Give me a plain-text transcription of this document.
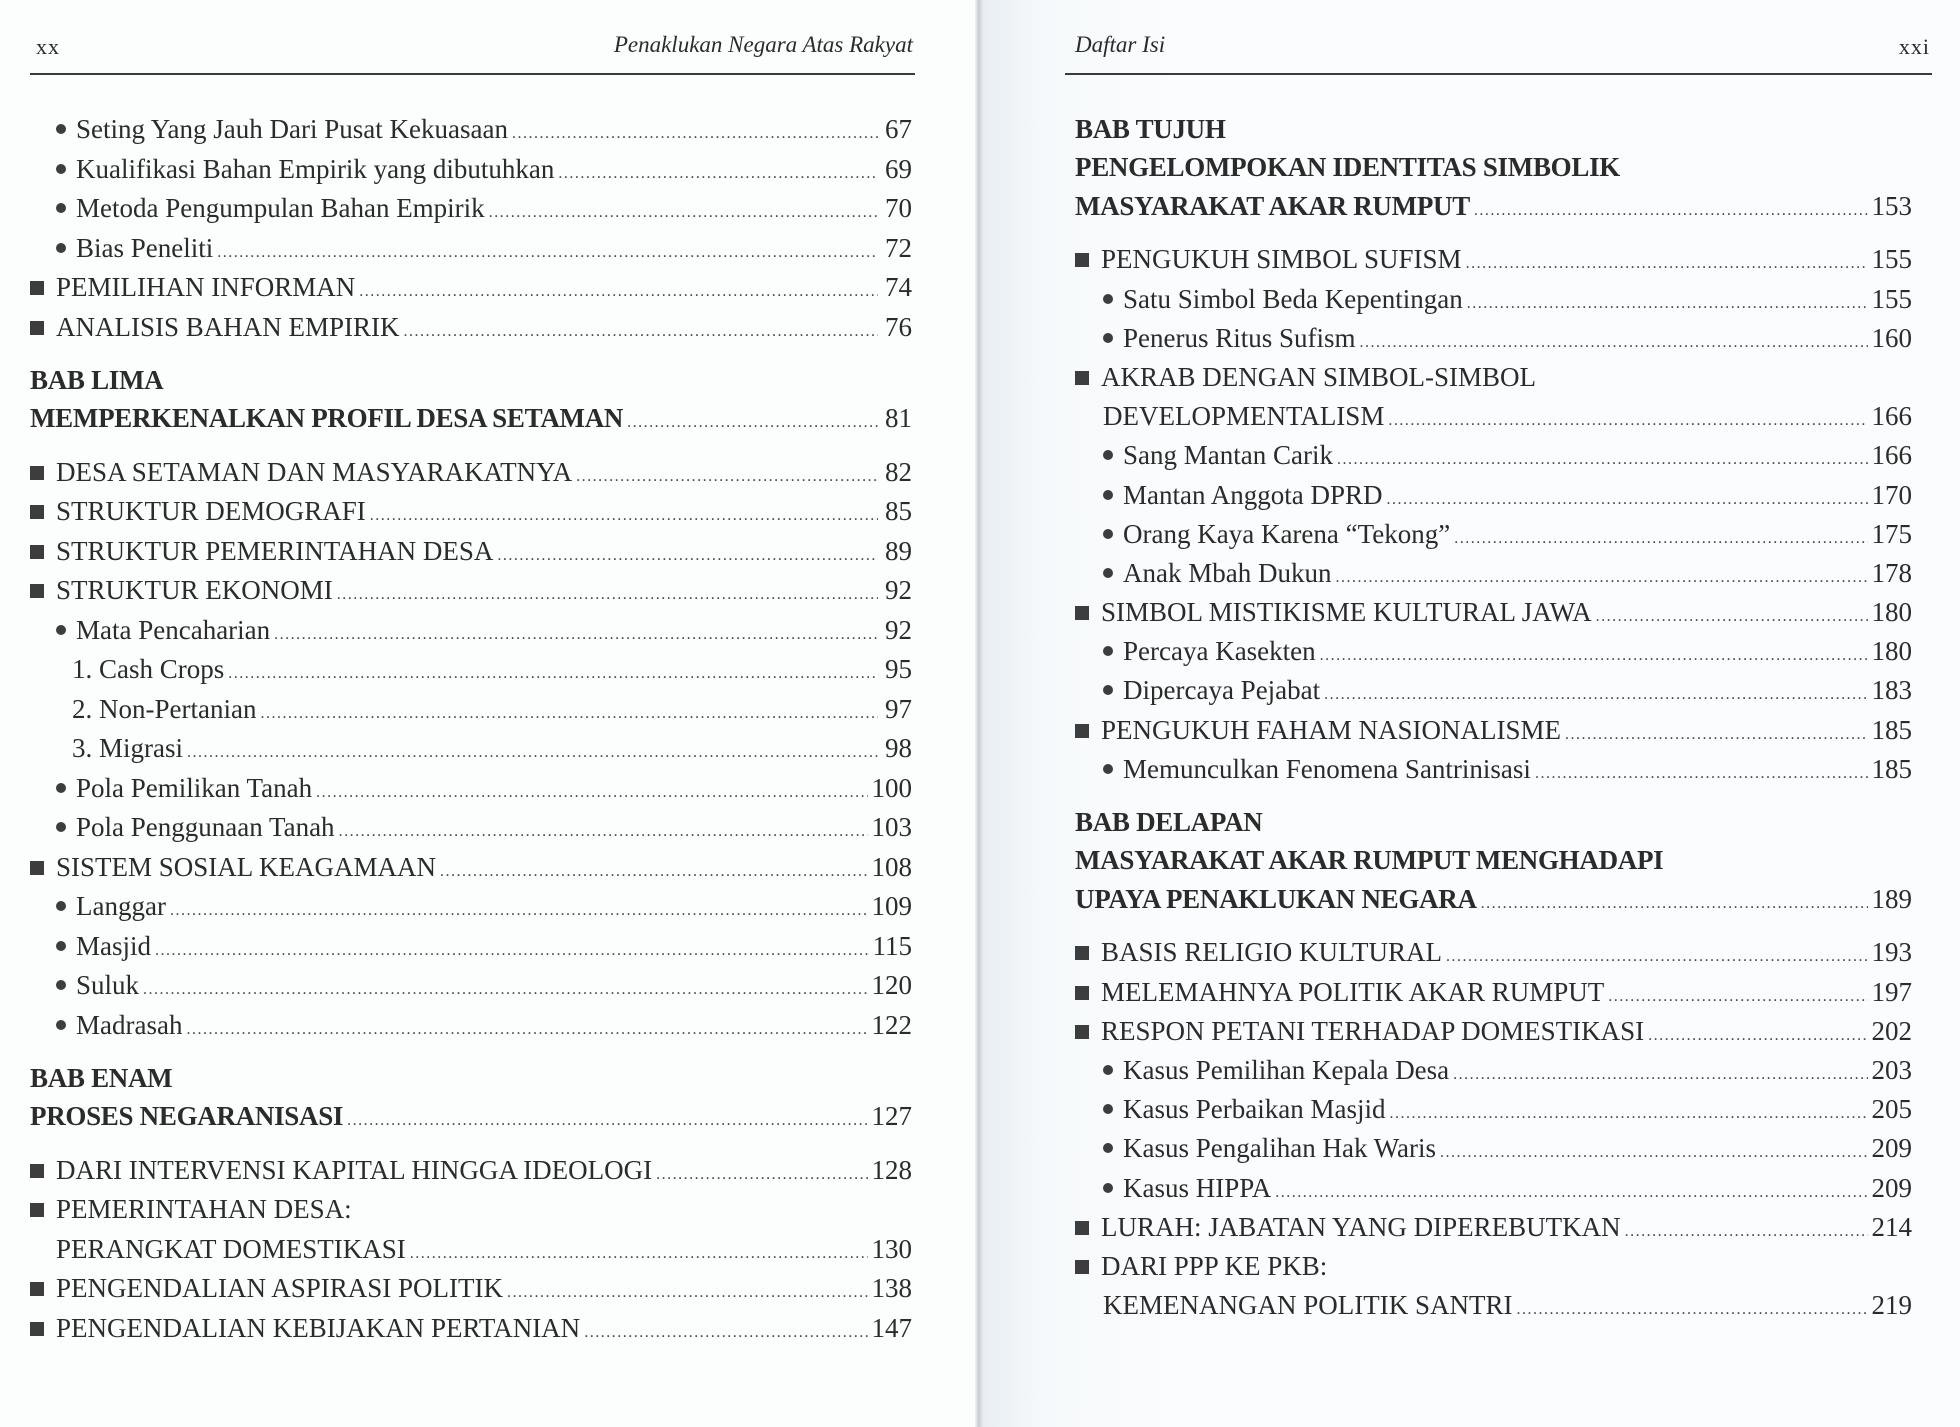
xx	Penaklukan Negara Atas Rakyat
Seting Yang Jauh Dari Pusat Kekuasaan .....	67
Kualifikasi Bahan Empirik yang dibutuhkan .....	69
Metoda Pengumpulan Bahan Empirik .....	70
Bias Peneliti .....	72
PEMILIHAN INFORMAN .....	74
ANALISIS BAHAN EMPIRIK .....	76
BAB LIMA
MEMPERKENALKAN PROFIL DESA SETAMAN .....	81
DESA SETAMAN DAN MASYARAKATNYA .....	82
STRUKTUR DEMOGRAFI .....	85
STRUKTUR PEMERINTAHAN DESA .....	89
STRUKTUR EKONOMI .....	92
Mata Pencaharian .....	92
1. Cash Crops .....	95
2. Non-Pertanian .....	97
3. Migrasi .....	98
Pola Pemilikan Tanah .....	100
Pola Penggunaan Tanah .....	103
SISTEM SOSIAL KEAGAMAAN .....	108
Langgar .....	109
Masjid .....	115
Suluk .....	120
Madrasah .....	122
BAB ENAM
PROSES NEGARANISASI .....	127
DARI INTERVENSI KAPITAL HINGGA IDEOLOGI .....	128
PEMERINTAHAN DESA:
PERANGKAT DOMESTIKASI .....	130
PENGENDALIAN ASPIRASI POLITIK .....	138
PENGENDALIAN KEBIJAKAN PERTANIAN .....	147
Daftar Isi	xxi
BAB TUJUH
PENGELOMPOKAN IDENTITAS SIMBOLIK
MASYARAKAT AKAR RUMPUT .....	153
PENGUKUH SIMBOL SUFISM .....	155
Satu Simbol Beda Kepentingan .....	155
Penerus Ritus Sufism .....	160
AKRAB DENGAN SIMBOL-SIMBOL
DEVELOPMENTALISM .....	166
Sang Mantan Carik .....	166
Mantan Anggota DPRD .....	170
Orang Kaya Karena “Tekong” .....	175
Anak Mbah Dukun .....	178
SIMBOL MISTIKISME KULTURAL JAWA .....	180
Percaya Kasekten .....	180
Dipercaya Pejabat .....	183
PENGUKUH FAHAM NASIONALISME .....	185
Memunculkan Fenomena Santrinisasi .....	185
BAB DELAPAN
MASYARAKAT AKAR RUMPUT MENGHADAPI
UPAYA PENAKLUKAN NEGARA .....	189
BASIS RELIGIO KULTURAL .....	193
MELEMAHNYA POLITIK AKAR RUMPUT .....	197
RESPON PETANI TERHADAP DOMESTIKASI .....	202
Kasus Pemilihan Kepala Desa .....	203
Kasus Perbaikan Masjid .....	205
Kasus Pengalihan Hak Waris .....	209
Kasus HIPPA .....	209
LURAH: JABATAN YANG DIPEREBUTKAN .....	214
DARI PPP KE PKB:
KEMENANGAN POLITIK SANTRI .....	219
